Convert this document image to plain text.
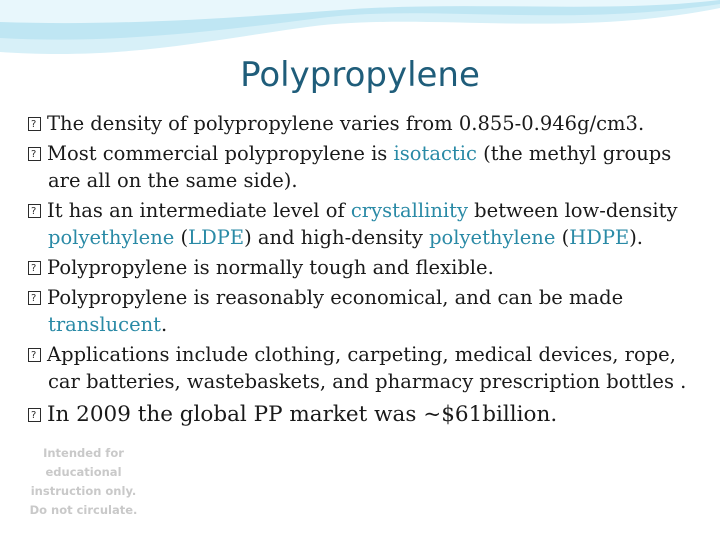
Polypropylene
?The density of polypropylene varies from 0.855-0.946g/cm3.
?Most commercial polypropylene is isotactic (the methyl groups are all on the same side).
?It has an intermediate level of crystallinity between low-density polyethylene (LDPE) and high-density polyethylene (HDPE).
?Polypropylene is normally tough and flexible.
?Polypropylene is reasonably economical, and can be made translucent.
?Applications include clothing, carpeting, medical devices, rope, car batteries, wastebaskets, and pharmacy prescription bottles .
?In 2009 the global PP market was ~$61billion.
Intended for educational instruction only. Do not circulate.
